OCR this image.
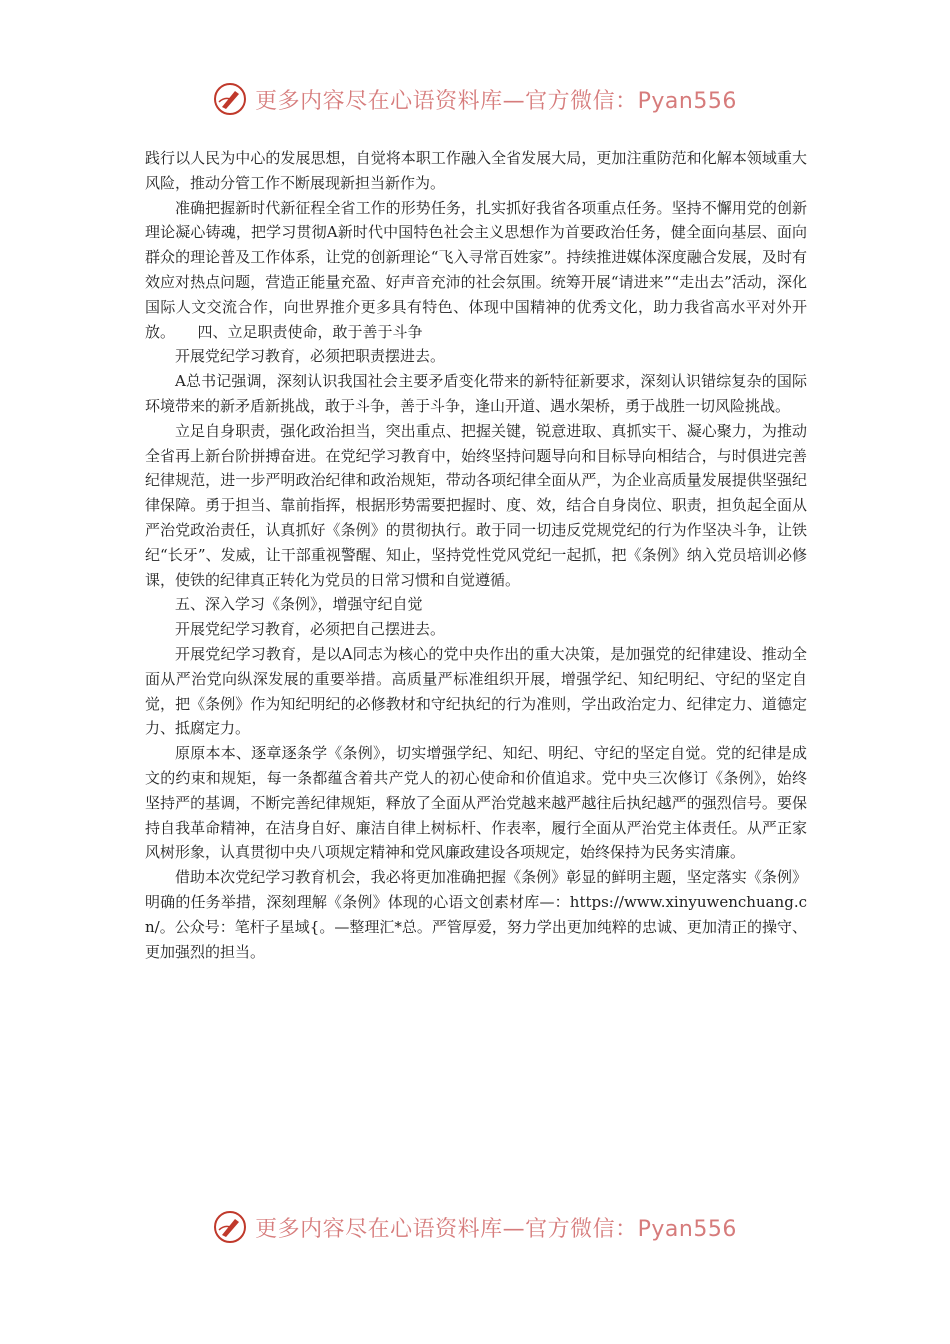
更多内容尽在心语资料库—官方微信：Pyan556

践行以人民为中心的发展思想，自觉将本职工作融入全省发展大局，更加注重防范和化解本领域重大风险，推动分管工作不断展现新担当新作为。

准确把握新时代新征程全省工作的形势任务，扎实抓好我省各项重点任务。坚持不懈用党的创新理论凝心铸魂，把学习贯彻A新时代中国特色社会主义思想作为首要政治任务，健全面向基层、面向群众的理论普及工作体系，让党的创新理论“飞入寻常百姓家”。持续推进媒体深度融合发展，及时有效应对热点问题，营造正能量充盈、好声音充沛的社会氛围。统筹开展“请进来”“走出去”活动，深化国际人文交流合作，向世界推介更多具有特色、体现中国精神的优秀文化，助力我省高水平对外开放。　　四、立足职责使命，敢于善于斗争

开展党纪学习教育，必须把职责摆进去。

A总书记强调，深刻认识我国社会主要矛盾变化带来的新特征新要求，深刻认识错综复杂的国际环境带来的新矛盾新挑战，敢于斗争，善于斗争，逢山开道、遇水架桥，勇于战胜一切风险挑战。

立足自身职责，强化政治担当，突出重点、把握关键，锐意进取、真抓实干、凝心聚力，为推动全省再上新台阶拼搏奋进。在党纪学习教育中，始终坚持问题导向和目标导向相结合，与时俱进完善纪律规范，进一步严明政治纪律和政治规矩，带动各项纪律全面从严，为企业高质量发展提供坚强纪律保障。勇于担当、靠前指挥，根据形势需要把握时、度、效，结合自身岗位、职责，担负起全面从严治党政治责任，认真抓好《条例》的贯彻执行。敢于同一切违反党规党纪的行为作坚决斗争，让铁纪“长牙”、发威，让干部重视警醒、知止，坚持党性党风党纪一起抓，把《条例》纳入党员培训必修课，使铁的纪律真正转化为党员的日常习惯和自觉遵循。

五、深入学习《条例》，增强守纪自觉

开展党纪学习教育，必须把自己摆进去。

开展党纪学习教育，是以A同志为核心的党中央作出的重大决策，是加强党的纪律建设、推动全面从严治党向纵深发展的重要举措。高质量严标准组织开展，增强学纪、知纪明纪、守纪的坚定自觉，把《条例》作为知纪明纪的必修教材和守纪执纪的行为准则，学出政治定力、纪律定力、道德定力、抵腐定力。

原原本本、逐章逐条学《条例》，切实增强学纪、知纪、明纪、守纪的坚定自觉。党的纪律是成文的约束和规矩，每一条都蕴含着共产党人的初心使命和价值追求。党中央三次修订《条例》，始终坚持严的基调，不断完善纪律规矩，释放了全面从严治党越来越严越往后执纪越严的强烈信号。要保持自我革命精神，在洁身自好、廉洁自律上树标杆、作表率，履行全面从严治党主体责任。从严正家风树形象，认真贯彻中央八项规定精神和党风廉政建设各项规定，始终保持为民务实清廉。

借助本次党纪学习教育机会，我必将更加准确把握《条例》彰显的鲜明主题，坚定落实《条例》明确的任务举措，深刻理解《条例》体现的心语文创素材库—：https://www.xinyuwenchuang.cn/。公众号：笔杆子星域{。—整理汇*总。严管厚爱，努力学出更加纯粹的忠诚、更加清正的操守、更加强烈的担当。

更多内容尽在心语资料库—官方微信：Pyan556
